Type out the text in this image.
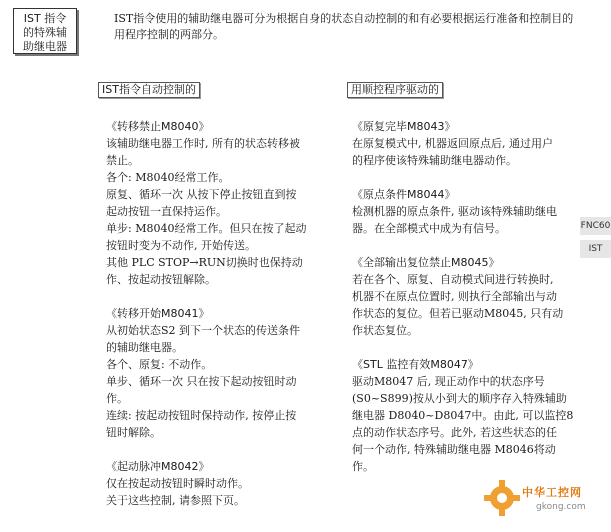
IST 指令
的特殊辅
助继电器
IST指令使用的辅助继电器可分为根据自身的状态自动控制的和有必要根据运行准备和控制目的用程序控制的两部分。
IST指令自动控制的	用顺控程序驱动的

《转移禁止M8040》

该辅助继电器工作时, 所有的状态转移被

禁止。

各个: M8040经常工作。

原复、循环一次 从按下停止按钮直到按

起动按钮一直保持运作。

单步: M8040经常工作。但只在按了起动

按钮时变为不动作, 开始传送。

其他 PLC STOP→RUN切换时也保持动

作、按起动按钮解除。

《转移开始M8041》

从初始状态S2 到下一个状态的传送条件

的辅助继电器。

各个、原复: 不动作。

单步、循环一次 只在按下起动按钮时动

作。

连续: 按起动按钮时保持动作, 按停止按

钮时解除。

《起动脉冲M8042》

仅在按起动按钮时瞬时动作。

关于这些控制, 请参照下页。

《原复完毕M8043》

在原复模式中, 机器返回原点后, 通过用户

的程序使该特殊辅助继电器动作。

《原点条件M8044》

检测机器的原点条件, 驱动该特殊辅助继电

器。在全部模式中成为有信号。

《全部输出复位禁止M8045》

若在各个、原复、自动模式间进行转换时,

机器不在原点位置时, 则执行全部输出与动

作状态的复位。但若已驱动M8045, 只有动

作状态复位。

《STL 监控有效M8047》

驱动M8047 后, 现正动作中的状态序号

(S0~S899)按从小到大的顺序存入特殊辅助

继电器 D8040~D8047中。由此, 可以监控8

点的动作状态序号。此外, 若这些状态的任

何一个动作, 特殊辅助继电器 M8046将动

作。

FNC60
IST
中华工控网
gkong.com
